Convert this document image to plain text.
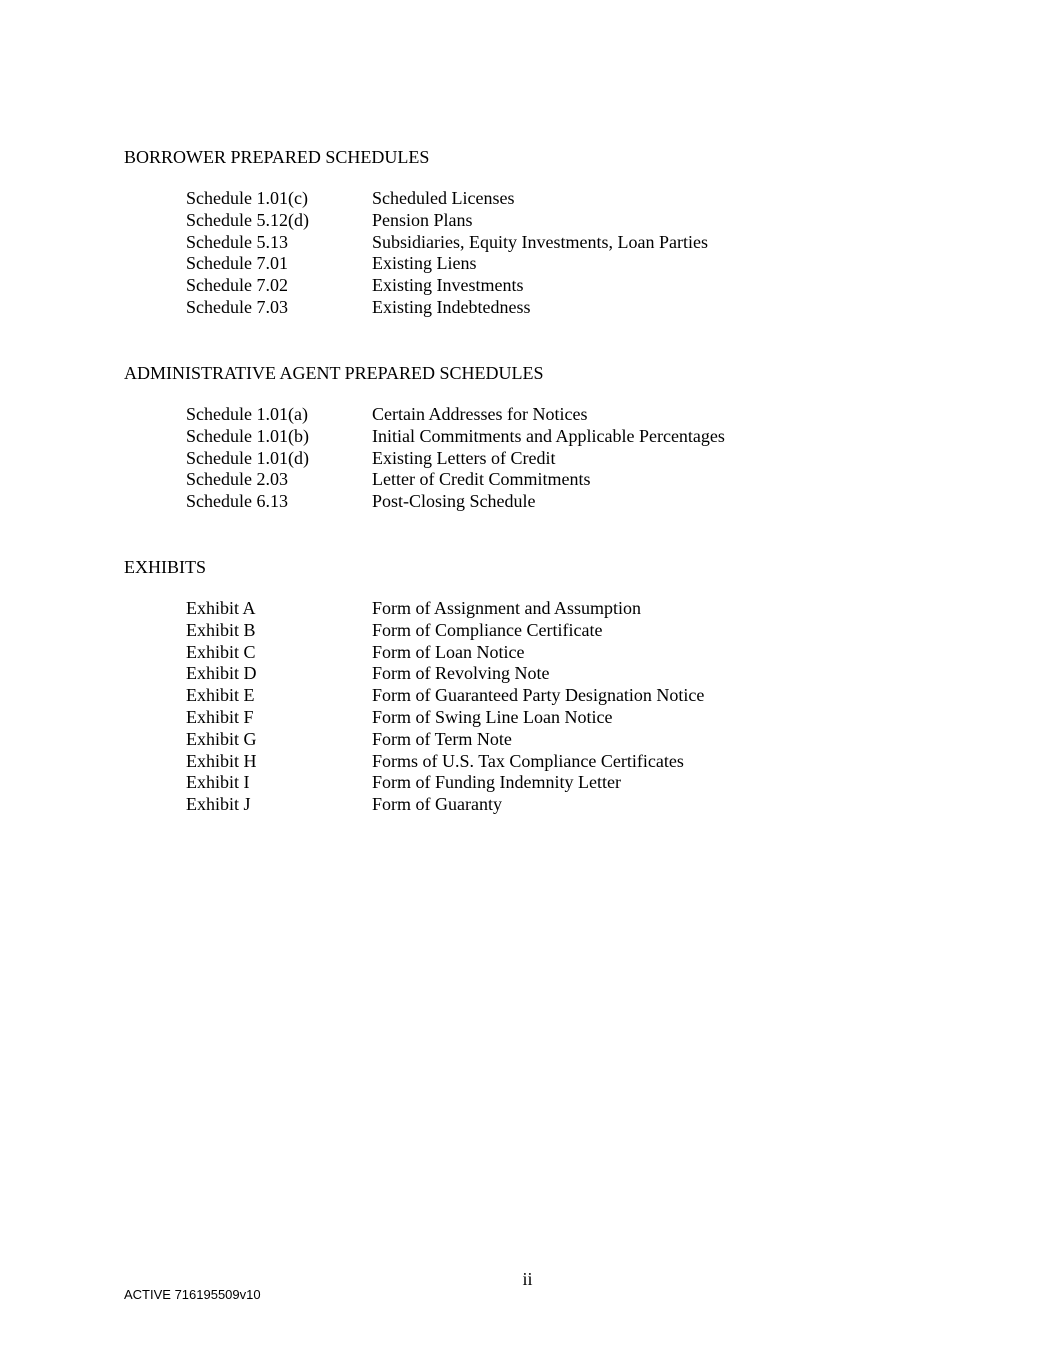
BORROWER PREPARED SCHEDULES

Schedule 1.01(c)	Scheduled Licenses
Schedule 5.12(d)	Pension Plans
Schedule 5.13	Subsidiaries, Equity Investments, Loan Parties
Schedule 7.01	Existing Liens
Schedule 7.02	Existing Investments
Schedule 7.03	Existing Indebtedness

ADMINISTRATIVE AGENT PREPARED SCHEDULES

Schedule 1.01(a)	Certain Addresses for Notices
Schedule 1.01(b)	Initial Commitments and Applicable Percentages
Schedule 1.01(d)	Existing Letters of Credit
Schedule 2.03	Letter of Credit Commitments
Schedule 6.13	Post-Closing Schedule

EXHIBITS

Exhibit A	Form of Assignment and Assumption
Exhibit B	Form of Compliance Certificate
Exhibit C	Form of Loan Notice
Exhibit D	Form of Revolving Note
Exhibit E	Form of Guaranteed Party Designation Notice
Exhibit F	Form of Swing Line Loan Notice
Exhibit G	Form of Term Note
Exhibit H	Forms of U.S. Tax Compliance Certificates
Exhibit I	Form of Funding Indemnity Letter
Exhibit J	Form of Guaranty
ii
ACTIVE 716195509v10
